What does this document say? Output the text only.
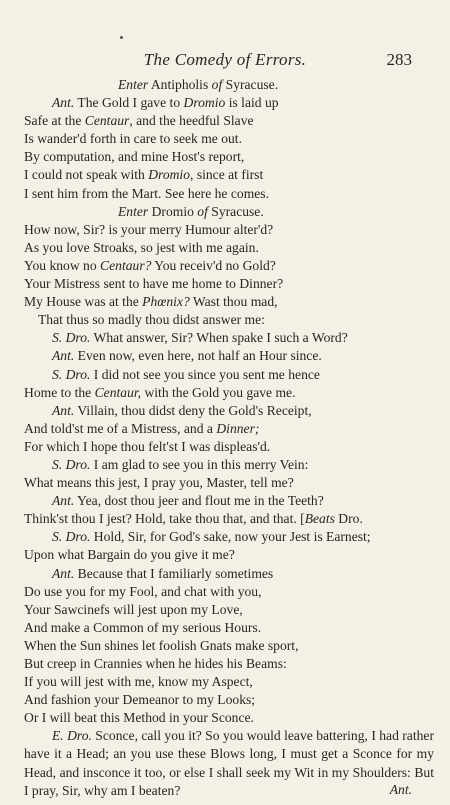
The Comedy of Errors.	283
Enter Antipholis of Syracuse.
Ant. The Gold I gave to Dromio is laid up
Safe at the Centaur, and the heedful Slave
Is wander'd forth in care to seek me out.
By computation, and mine Host's report,
I could not speak with Dromio, since at first
I sent him from the Mart. See here he comes.
Enter Dromio of Syracuse.
How now, Sir? is your merry Humour alter'd?
As you love Stroaks, so jest with me again.
You know no Centaur? You receiv'd no Gold?
Your Mistress sent to have me home to Dinner?
My House was at the Phœnix? Wast thou mad,
That thus so madly thou didst answer me:
S. Dro. What answer, Sir? When spake I such a Word?
Ant. Even now, even here, not half an Hour since.
S. Dro. I did not see you since you sent me hence
Home to the Centaur, with the Gold you gave me.
Ant. Villain, thou didst deny the Gold's Receipt,
And told'st me of a Mistress, and a Dinner;
For which I hope thou felt'st I was displeas'd.
S. Dro. I am glad to see you in this merry Vein:
What means this jest, I pray you, Master, tell me?
Ant. Yea, dost thou jeer and flout me in the Teeth?
Think'st thou I jest? Hold, take thou that, and that. [Beats Dro.
S. Dro. Hold, Sir, for God's sake, now your Jest is Earnest;
Upon what Bargain do you give it me?
Ant. Because that I familiarly sometimes
Do use you for my Fool, and chat with you,
Your Sawcinefs will jest upon my Love,
And make a Common of my serious Hours.
When the Sun shines let foolish Gnats make sport,
But creep in Crannies when he hides his Beams:
If you will jest with me, know my Aspect,
And fashion your Demeanor to my Looks;
Or I will beat this Method in your Sconce.
E. Dro. Sconce, call you it? So you would leave battering, I had rather have it a Head; an you use these Blows long, I must get a Sconce for my Head, and insconce it too, or else I shall seek my Wit in my Shoulders: But I pray, Sir, why am I beaten?	Ant.
